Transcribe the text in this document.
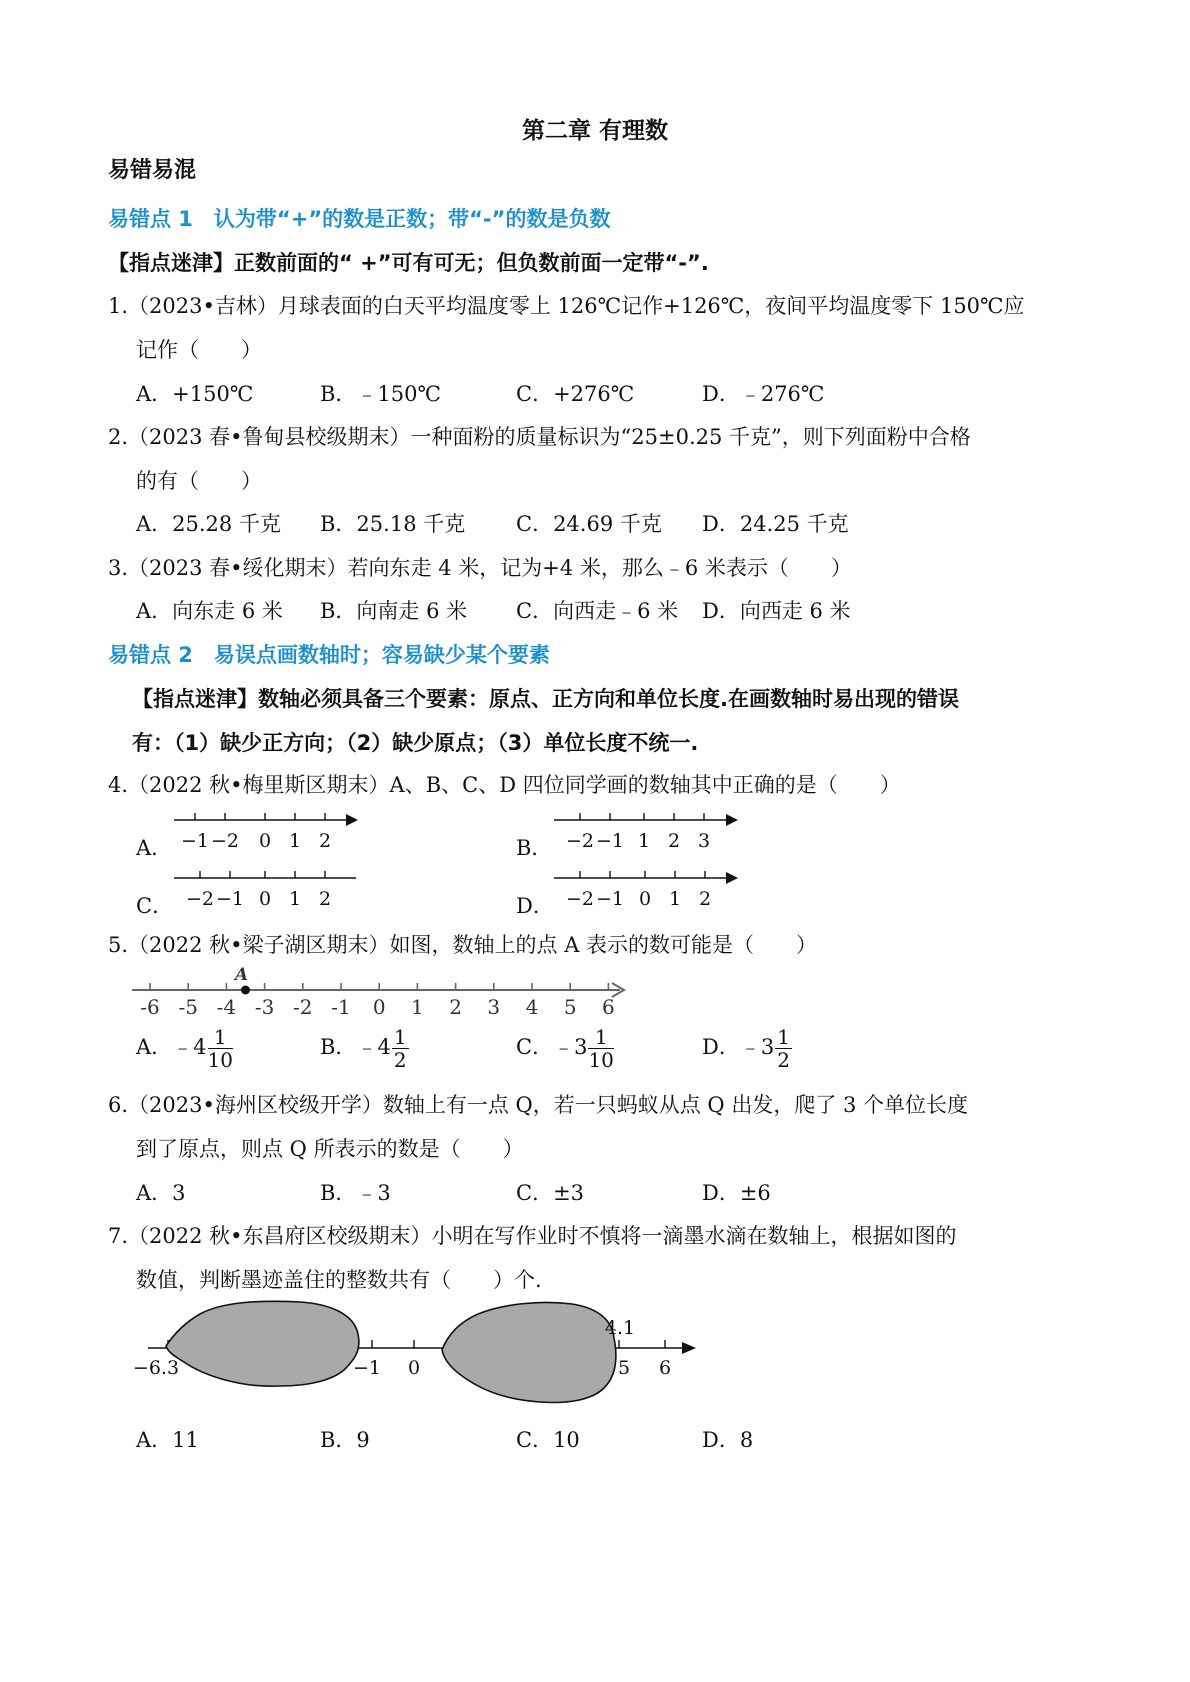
第二章 有理数
易错易混
易错点 1　认为带“+”的数是正数；带“-”的数是负数
【指点迷津】正数前面的“ +”可有可无；但负数前面一定带“-”.
1.（2023•吉林）月球表面的白天平均温度零上 126℃记作+126℃，夜间平均温度零下 150℃应
记作（　　）
A．+150℃	B．﹣150℃	C．+276℃	D．﹣276℃
2.（2023 春•鲁甸县校级期末）一种面粉的质量标识为“25±0.25 千克”，则下列面粉中合格
的有（　　）
A．25.28 千克 B．25.18 千克 C．24.69 千克 D．24.25 千克
3.（2023 春•绥化期末）若向东走 4 米，记为+4 米，那么﹣6 米表示（　　）
A．向东走 6 米 B．向南走 6 米 C．向西走﹣6 米 D．向西走 6 米
易错点 2　易误点画数轴时；容易缺少某个要素
【指点迷津】数轴必须具备三个要素：原点、正方向和单位长度.在画数轴时易出现的错误
有：（1）缺少正方向；（2）缺少原点；（3）单位长度不统一.
4.（2022 秋•梅里斯区期末）A、B、C、D 四位同学画的数轴其中正确的是（　　）
A．	B．
C．	D．
−1 −2 0 1 2	−2 −1 1 2 3
−2 −1 0 1 2	−2 −1 0 1 2
5.（2022 秋•梁子湖区期末）如图，数轴上的点 A 表示的数可能是（　　）
-6 -5 -4 -3 -2 -1 0 1 2 3 4 5 6
A
A．﹣4 $\frac{1}{10}$	B．﹣4 $\frac{1}{2}$	C．﹣3 $\frac{1}{10}$	D．﹣3 $\frac{1}{2}$
6.（2023•海州区校级开学）数轴上有一点 Q，若一只蚂蚁从点 Q 出发，爬了 3 个单位长度
到了原点，则点 Q 所表示的数是（　　）
A．3	B．﹣3	C．±3	D．±6
7.（2022 秋•东昌府区校级期末）小明在写作业时不慎将一滴墨水滴在数轴上，根据如图的
数值，判断墨迹盖住的整数共有（　　）个.
−6.3	−1 0
4.1
5 6
A．11	B．9	C．10	D．8
